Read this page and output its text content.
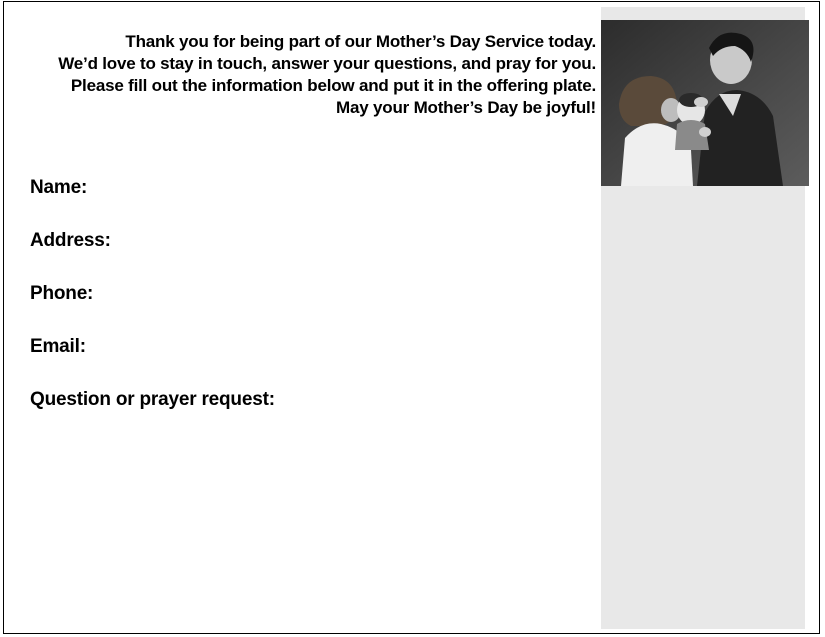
Thank you for being part of our Mother’s Day Service today.
We’d love to stay in touch, answer your questions, and pray for you.
Please fill out the information below and put it in the offering plate.
May your Mother’s Day be joyful!
Name:
Address:
Phone:
Email:
Question or prayer request:
